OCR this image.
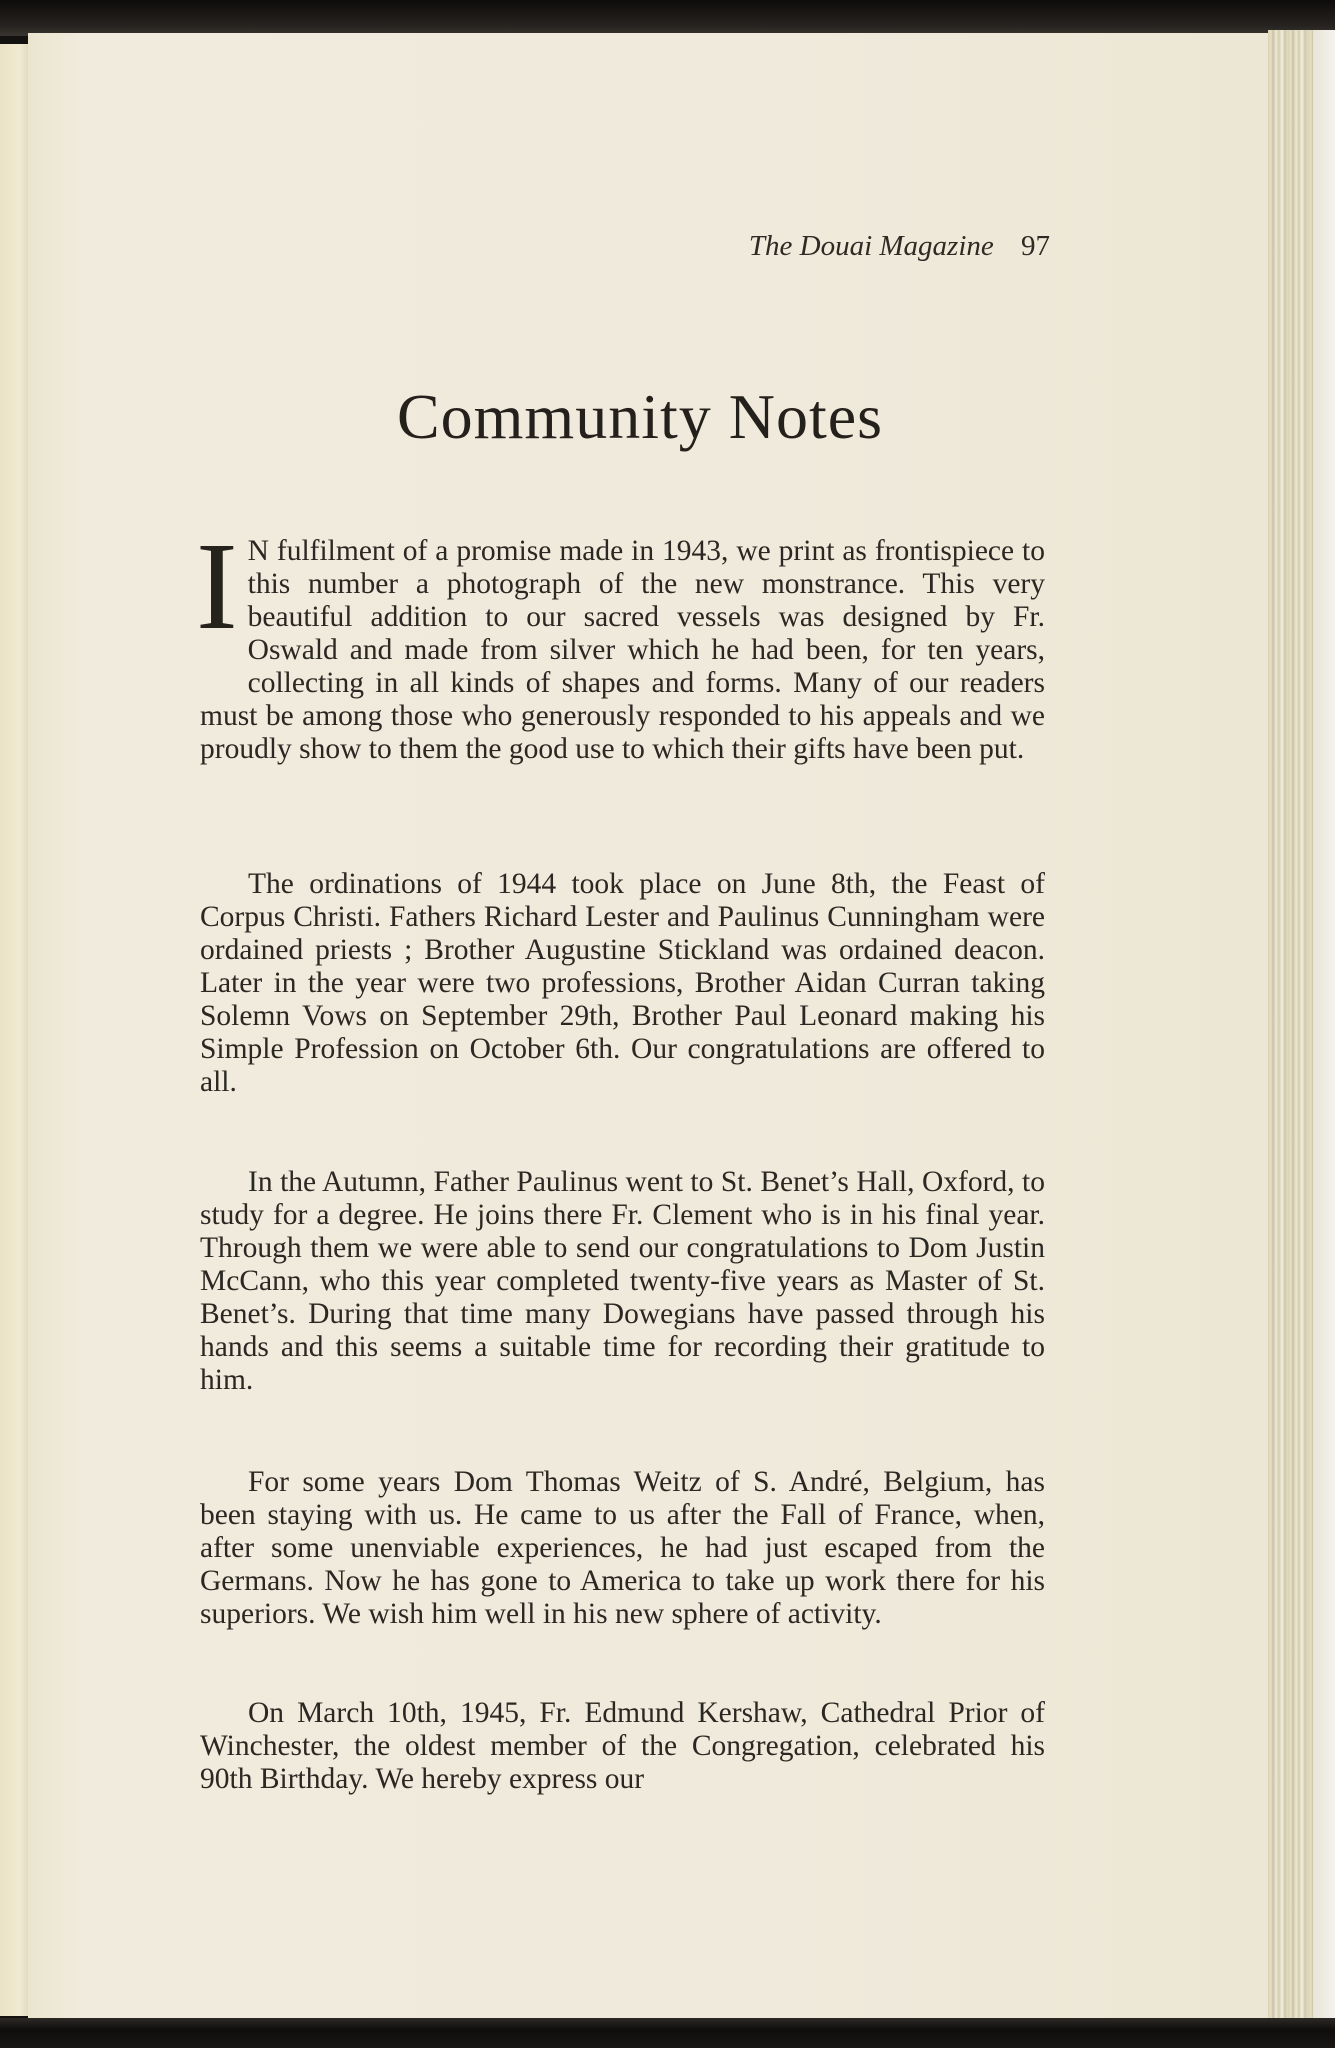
The Douai Magazine 97
Community Notes

I N fulfilment of a promise made in 1943, we print as frontispiece to this number a photograph of the new monstrance. This very beautiful addition to our sacred vessels was designed by Fr. Oswald and made from silver which he had been, for ten years, collecting in all kinds of shapes and forms. Many of our readers must be among those who generously responded to his appeals and we proudly show to them the good use to which their gifts have been put.

The ordinations of 1944 took place on June 8th, the Feast of Corpus Christi. Fathers Richard Lester and Paulinus Cunningham were ordained priests ; Brother Augustine Stickland was ordained deacon. Later in the year were two professions, Brother Aidan Curran taking Solemn Vows on September 29th, Brother Paul Leonard making his Simple Profession on October 6th. Our congratulations are offered to all.

In the Autumn, Father Paulinus went to St. Benet’s Hall, Oxford, to study for a degree. He joins there Fr. Clement who is in his final year. Through them we were able to send our congratulations to Dom Justin McCann, who this year completed twenty-five years as Master of St. Benet’s. During that time many Dowegians have passed through his hands and this seems a suitable time for recording their gratitude to him.

For some years Dom Thomas Weitz of S. André, Belgium, has been staying with us. He came to us after the Fall of France, when, after some unenviable experiences, he had just escaped from the Germans. Now he has gone to America to take up work there for his superiors. We wish him well in his new sphere of activity.

On March 10th, 1945, Fr. Edmund Kershaw, Cathedral Prior of Winchester, the oldest member of the Congregation, celebrated his 90th Birthday. We hereby express our
